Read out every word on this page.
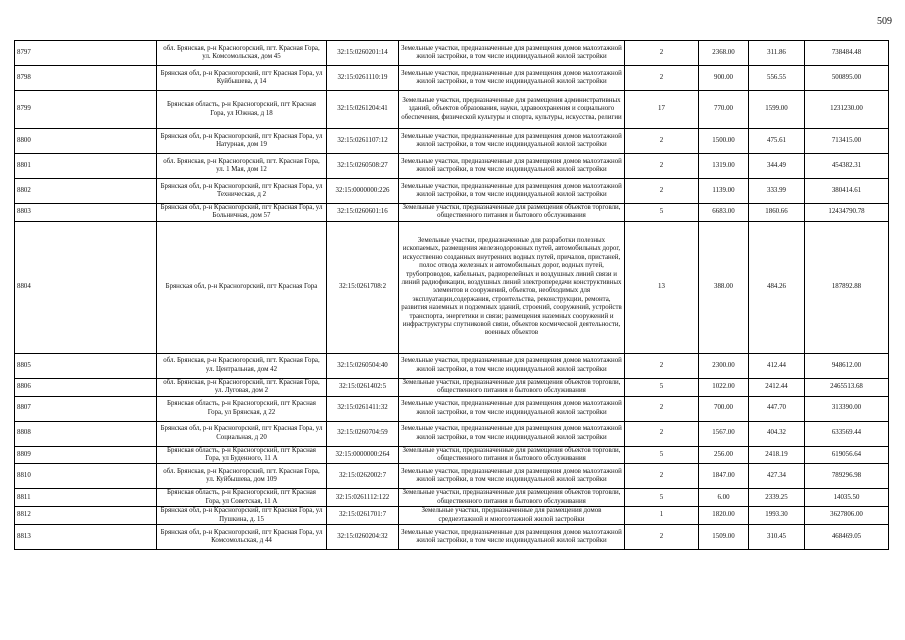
509
8797	обл. Брянская, р-н Красногорский, пгт. Красная Гора, ул. Комсомольская, дом 45	32:15:0260201:14	Земельные участки, предназначенные для размещения домов малоэтажной жилой застройки, в том числе индивидуальной жилой застройки	2	2368.00	311.86	738484.48
8798	Брянская обл, р-н Красногорский, пгт Красная Гора, ул Куйбышева, д 14	32:15:0261110:19	Земельные участки, предназначенные для размещения домов малоэтажной жилой застройки, в том числе индивидуальной жилой застройки	2	900.00	556.55	500895.00
8799	Брянская область, р-н Красногорский, пгт Красная Гора, ул Южная, д 18	32:15:0261204:41	Земельные участки, предназначенные для размещения административных зданий, объектов образования, науки, здравоохранения и социального обеспечения, физической культуры и спорта, культуры, искусства, религии	17	770.00	1599.00	1231230.00
8800	Брянская обл, р-н Красногорский, пгт Красная Гора, ул Натурная, дом 19	32:15:0261107:12	Земельные участки, предназначенные для размещения домов малоэтажной жилой застройки, в том числе индивидуальной жилой застройки	2	1500.00	475.61	713415.00
8801	обл. Брянская, р-н Красногорский, пгт. Красная Гора, ул. 1 Мая, дом 12	32:15:0260508:27	Земельные участки, предназначенные для размещения домов малоэтажной жилой застройки, в том числе индивидуальной жилой застройки	2	1319.00	344.49	454382.31
8802	Брянская обл, р-н Красногорский, пгт Красная Гора, ул Техническая, д 2	32:15:0000000:226	Земельные участки, предназначенные для размещения домов малоэтажной жилой застройки, в том числе индивидуальной жилой застройки	2	1139.00	333.99	380414.61
8803	Брянская обл, р-н Красногорский, пгт Красная Гора, ул Больничная, дом 57	32:15:0260601:16	Земельные участки, предназначенные для размещения объектов торговли, общественного питания и бытового обслуживания	5	6683.00	1860.66	12434790.78
8804	Брянская обл, р-н Красногорский, пгт Красная Гора	32:15:0261708:2	Земельные участки, предназначенные для разработки полезных ископаемых, размещения железнодорожных путей, автомобильных дорог, искусственно созданных внутренних водных путей, причалов, пристаней, полос отвода железных и автомобильных дорог, водных путей, трубопроводов, кабельных, радиорелейных и воздушных линий связи и линий радиофикации, воздушных линий электропередачи конструктивных элементов и сооружений, объектов, необходимых для эксплуатации,содержания, строительства, реконструкции, ремонта, развития наземных и подземных зданий, строений, сооружений, устройств транспорта, энергетики и связи; размещения наземных сооружений и инфраструктуры спутниковой связи, объектов космической деятельности, военных объектов	13	388.00	484.26	187892.88
8805	обл. Брянская, р-н Красногорский, пгт. Красная Гора, ул. Центральная, дом 42	32:15:0260504:40	Земельные участки, предназначенные для размещения домов малоэтажной жилой застройки, в том числе индивидуальной жилой застройки	2	2300.00	412.44	948612.00
8806	обл. Брянская, р-н Красногорский, пгт. Красная Гора, ул. Луговая, дом 2	32:15:0261402:5	Земельные участки, предназначенные для размещения объектов торговли, общественного питания и бытового обслуживания	5	1022.00	2412.44	2465513.68
8807	Брянская область, р-н Красногорский, пгт Красная Гора, ул Брянская, д 22	32:15:0261411:32	Земельные участки, предназначенные для размещения домов малоэтажной жилой застройки, в том числе индивидуальной жилой застройки	2	700.00	447.70	313390.00
8808	Брянская обл, р-н Красногорский, пгт Красная Гора, ул Социальная, д 20	32:15:0260704:59	Земельные участки, предназначенные для размещения домов малоэтажной жилой застройки, в том числе индивидуальной жилой застройки	2	1567.00	404.32	633569.44
8809	Брянская область, р-н Красногорский, пгт Красная Гора, ул Буденного, 11 А	32:15:0000000:264	Земельные участки, предназначенные для размещения объектов торговли, общественного питания и бытового обслуживания	5	256.00	2418.19	619056.64
8810	обл. Брянская, р-н Красногорский, пгт. Красная Гора, ул. Куйбышева, дом 109	32:15:0262002:7	Земельные участки, предназначенные для размещения домов малоэтажной жилой застройки, в том числе индивидуальной жилой застройки	2	1847.00	427.34	789296.98
8811	Брянская область, р-н Красногорский, пгт Красная Гора, ул Советская, 11 А	32:15:0261112:122	Земельные участки, предназначенные для размещения объектов торговли, общественного питания и бытового обслуживания	5	6.00	2339.25	14035.50
8812	Брянская обл, р-н Красногорский, пгт Красная Гора, ул Пушкина, д. 15	32:15:0261701:7	Земельные участки, предназначенные для размещения домов среднеэтажной и многоэтажной жилой застройки	1	1820.00	1993.30	3627806.00
8813	Брянская обл, р-н Красногорский, пгт Красная Гора, ул Комсомольская, д 44	32:15:0260204:32	Земельные участки, предназначенные для размещения домов малоэтажной жилой застройки, в том числе индивидуальной жилой застройки	2	1509.00	310.45	468469.05
